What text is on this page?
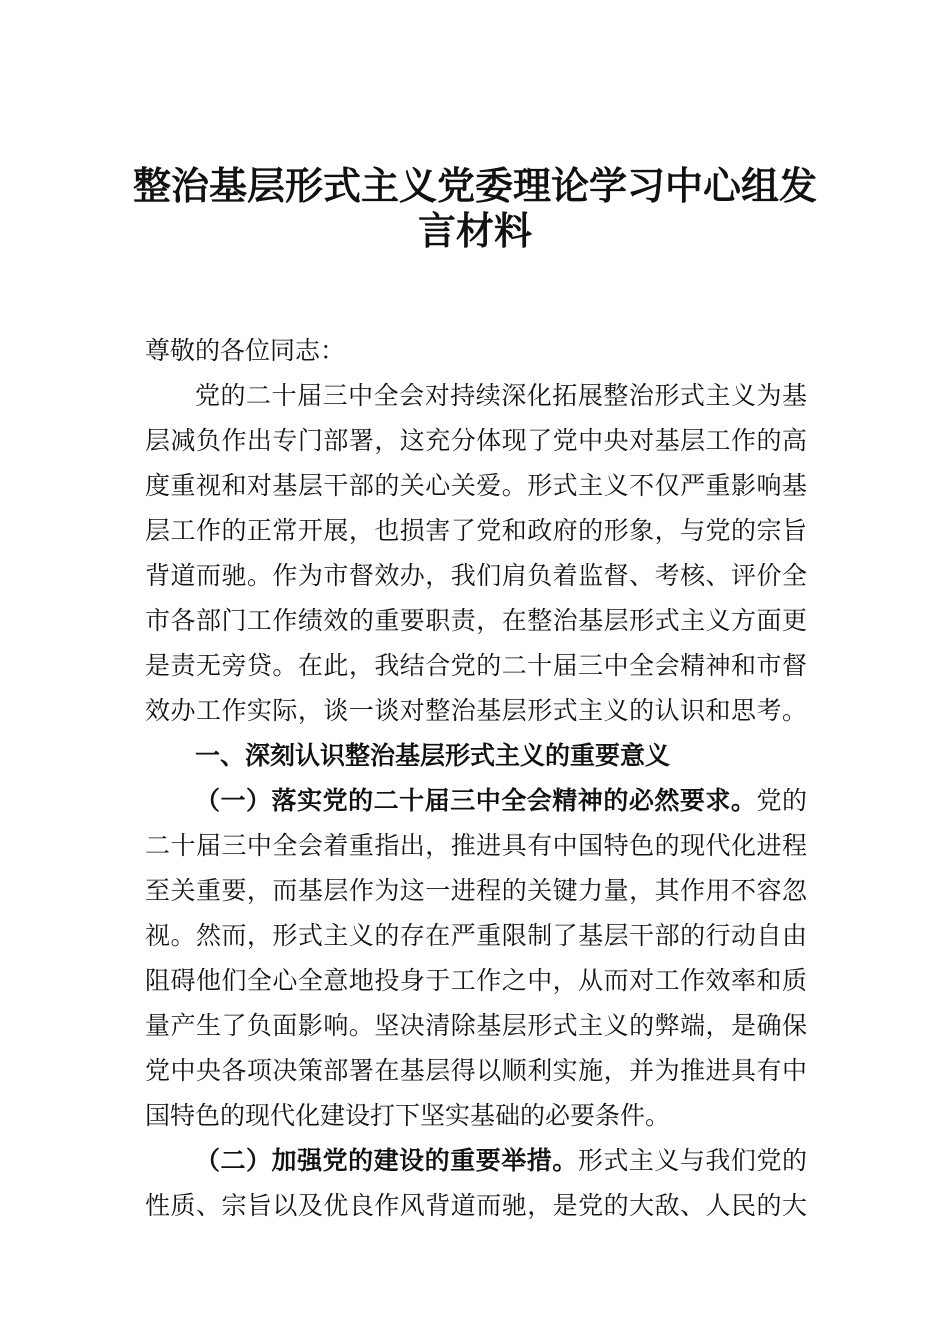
整治基层形式主义党委理论学习中心组发
言材料
尊敬的各位同志：
党的二十届三中全会对持续深化拓展整治形式主义为基
层减负作出专门部署，这充分体现了党中央对基层工作的高
度重视和对基层干部的关心关爱。形式主义不仅严重影响基
层工作的正常开展，也损害了党和政府的形象，与党的宗旨
背道而驰。作为市督效办，我们肩负着监督、考核、评价全
市各部门工作绩效的重要职责，在整治基层形式主义方面更
是责无旁贷。在此，我结合党的二十届三中全会精神和市督
效办工作实际，谈一谈对整治基层形式主义的认识和思考。
一、深刻认识整治基层形式主义的重要意义
（一）落实党的二十届三中全会精神的必然要求。党的
二十届三中全会着重指出，推进具有中国特色的现代化进程
至关重要，而基层作为这一进程的关键力量，其作用不容忽
视。然而，形式主义的存在严重限制了基层干部的行动自由
阻碍他们全心全意地投身于工作之中，从而对工作效率和质
量产生了负面影响。坚决清除基层形式主义的弊端，是确保
党中央各项决策部署在基层得以顺利实施，并为推进具有中
国特色的现代化建设打下坚实基础的必要条件。
（二）加强党的建设的重要举措。形式主义与我们党的
性质、宗旨以及优良作风背道而驰，是党的大敌、人民的大
